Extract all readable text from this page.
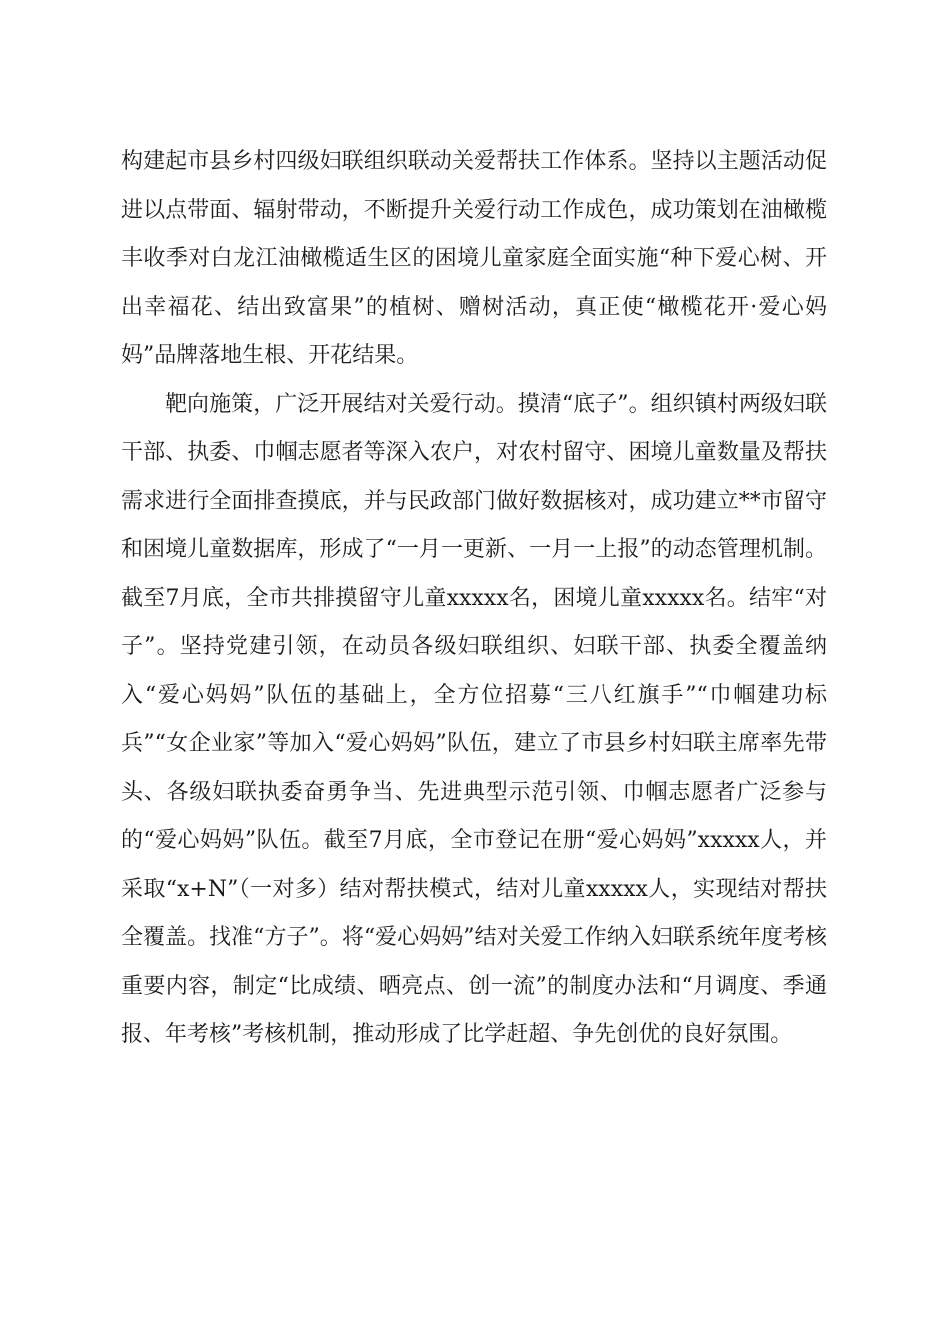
构建起市县乡村四级妇联组织联动关爱帮扶工作体系。坚持以主题活动促进以点带面、辐射带动，不断提升关爱行动工作成色，成功策划在油橄榄丰收季对白龙江油橄榄适生区的困境儿童家庭全面实施“种下爱心树、开出幸福花、结出致富果”的植树、赠树活动，真正使“橄榄花开·爱心妈妈”品牌落地生根、开花结果。

靶向施策，广泛开展结对关爱行动。摸清“底子”。组织镇村两级妇联干部、执委、巾帼志愿者等深入农户，对农村留守、困境儿童数量及帮扶需求进行全面排查摸底，并与民政部门做好数据核对，成功建立**市留守和困境儿童数据库，形成了“一月一更新、一月一上报”的动态管理机制。截至7月底，全市共排摸留守儿童xxxxx名，困境儿童xxxxx名。结牢“对子”。坚持党建引领，在动员各级妇联组织、妇联干部、执委全覆盖纳入“爱心妈妈”队伍的基础上，全方位招募“三八红旗手”“巾帼建功标兵”“女企业家”等加入“爱心妈妈”队伍，建立了市县乡村妇联主席率先带头、各级妇联执委奋勇争当、先进典型示范引领、巾帼志愿者广泛参与的“爱心妈妈”队伍。截至7月底，全市登记在册“爱心妈妈”xxxxx人，并采取“x+N”（一对多）结对帮扶模式，结对儿童xxxxx人，实现结对帮扶全覆盖。找准“方子”。将“爱心妈妈”结对关爱工作纳入妇联系统年度考核重要内容，制定“比成绩、晒亮点、创一流”的制度办法和“月调度、季通报、年考核”考核机制，推动形成了比学赶超、争先创优的良好氛围。
